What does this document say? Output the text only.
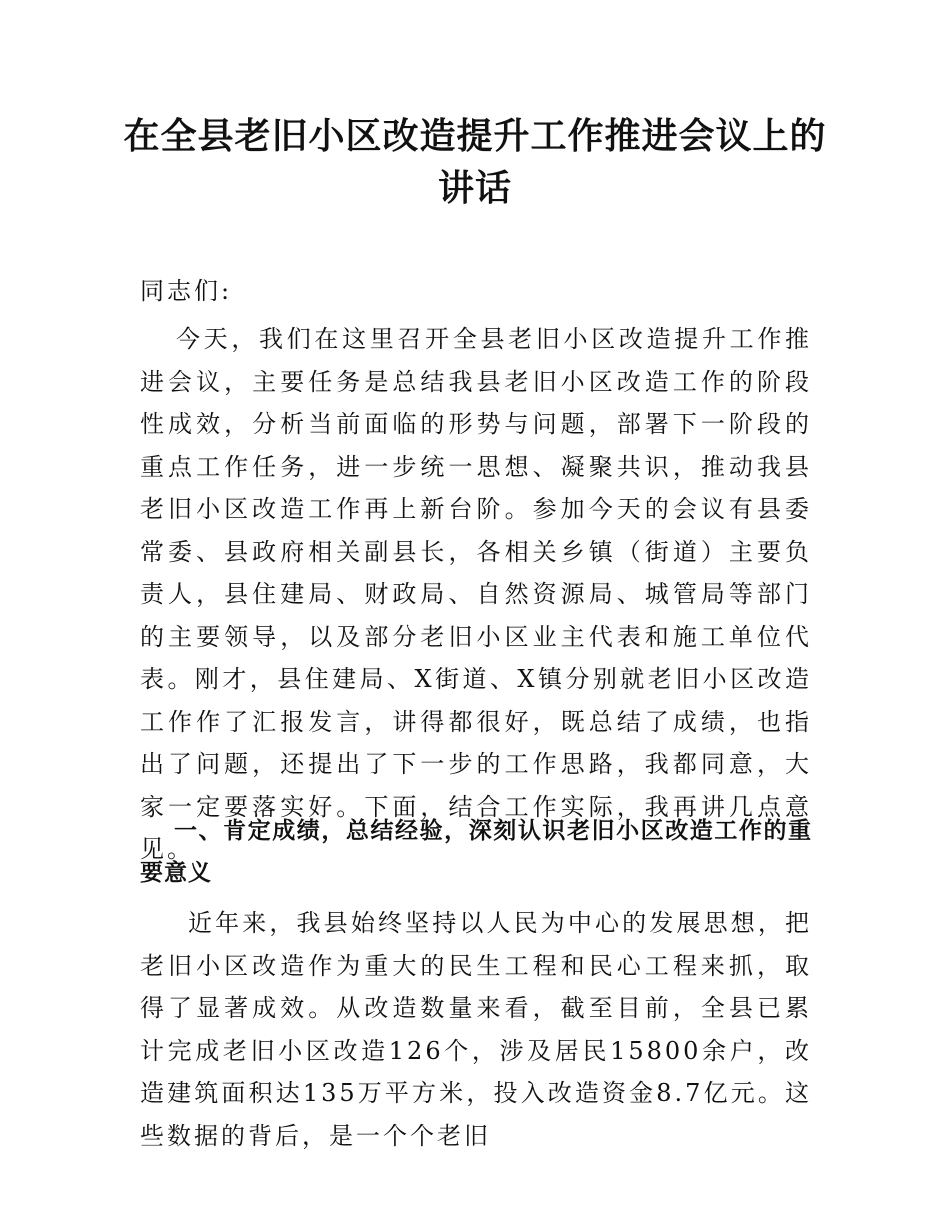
在全县老旧小区改造提升工作推进会议上的讲话

同志们:

今天，我们在这里召开全县老旧小区改造提升工作推进会议，主要任务是总结我县老旧小区改造工作的阶段性成效，分析当前面临的形势与问题，部署下一阶段的重点工作任务，进一步统一思想、凝聚共识，推动我县老旧小区改造工作再上新台阶。参加今天的会议有县委常委、县政府相关副县长，各相关乡镇（街道）主要负责人，县住建局、财政局、自然资源局、城管局等部门的主要领导，以及部分老旧小区业主代表和施工单位代表。刚才，县住建局、X街道、X镇分别就老旧小区改造工作作了汇报发言，讲得都很好，既总结了成绩，也指出了问题，还提出了下一步的工作思路，我都同意，大家一定要落实好。下面，结合工作实际，我再讲几点意见。

一、肯定成绩，总结经验，深刻认识老旧小区改造工作的重要意义

近年来，我县始终坚持以人民为中心的发展思想，把老旧小区改造作为重大的民生工程和民心工程来抓，取得了显著成效。从改造数量来看，截至目前，全县已累计完成老旧小区改造126个，涉及居民15800余户，改造建筑面积达135万平方米，投入改造资金8.7亿元。这些数据的背后，是一个个老旧
